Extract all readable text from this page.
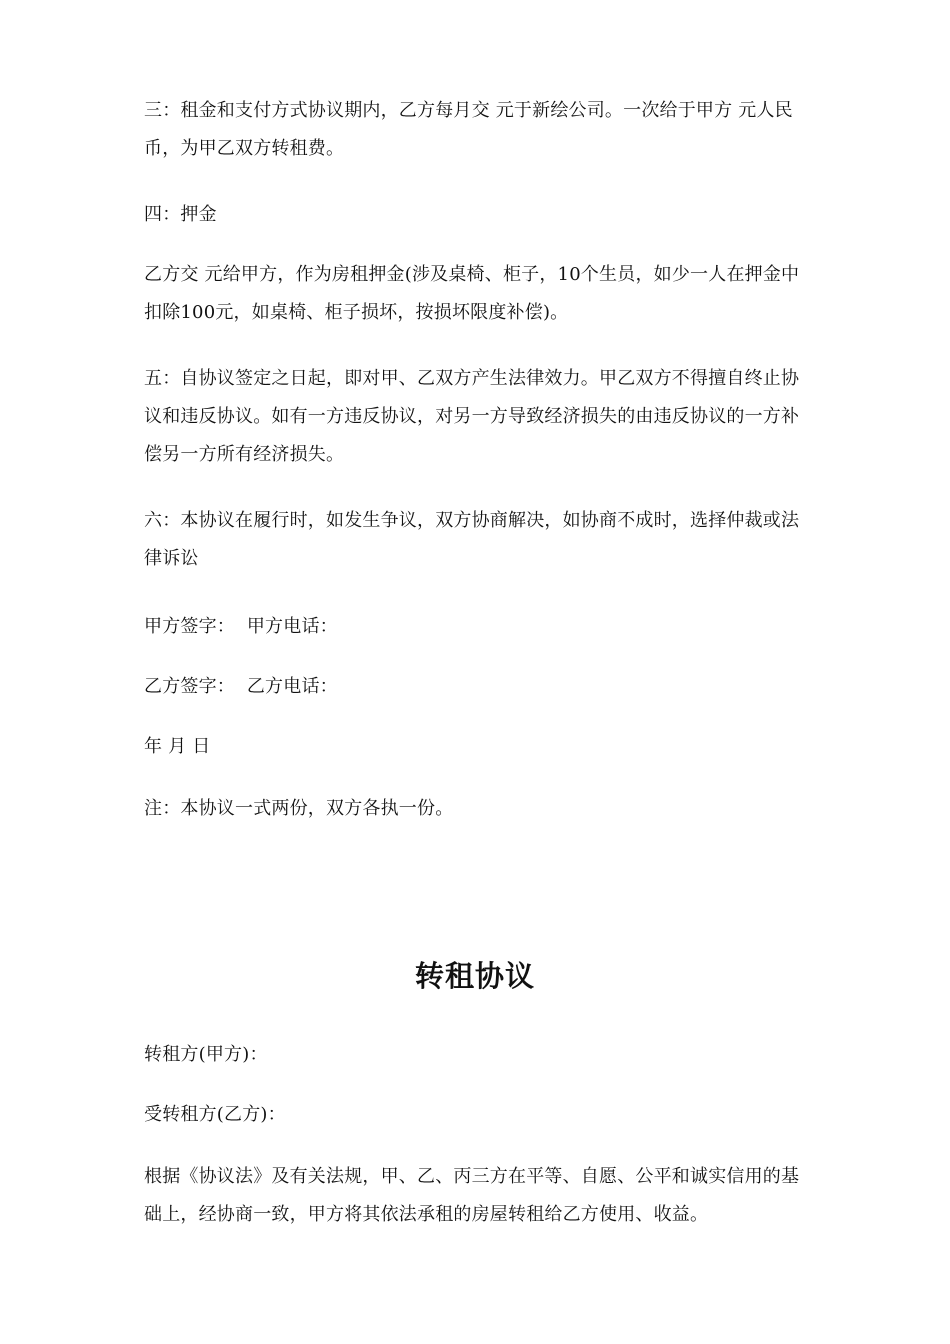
三：租金和支付方式协议期内，乙方每月交 元于新绘公司。一次给于甲方 元人民币，为甲乙双方转租费。

四：押金

乙方交 元给甲方，作为房租押金(涉及桌椅、柜子，10个生员，如少一人在押金中扣除100元，如桌椅、柜子损坏，按损坏限度补偿)。

五：自协议签定之日起，即对甲、乙双方产生法律效力。甲乙双方不得擅自终止协议和违反协议。如有一方违反协议，对另一方导致经济损失的由违反协议的一方补偿另一方所有经济损失。

六：本协议在履行时，如发生争议，双方协商解决，如协商不成时，选择仲裁或法律诉讼

甲方签字：  甲方电话：

乙方签字：  乙方电话：

年 月 日

注：本协议一式两份，双方各执一份。

转租协议

转租方(甲方)：

受转租方(乙方)：

根据《协议法》及有关法规，甲、乙、丙三方在平等、自愿、公平和诚实信用的基础上，经协商一致，甲方将其依法承租的房屋转租给乙方使用、收益。
